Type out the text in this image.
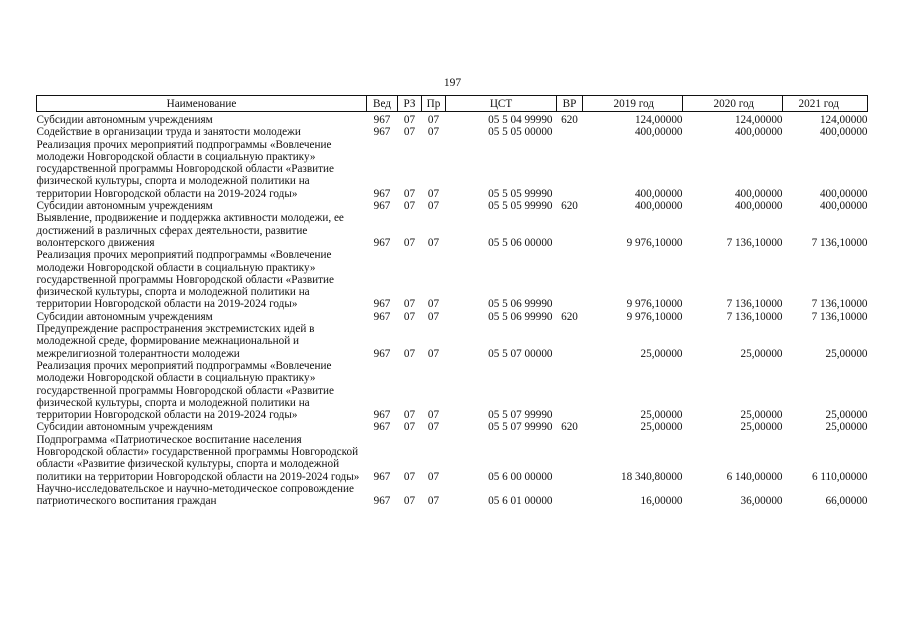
197
Наименование	Вед	РЗ	Пр	ЦСТ	ВР	2019 год	2020 год	2021 год
Субсидии автономным учреждениям	967	07	07	05 5 04 99990	620	124,00000	124,00000	124,00000
Содействие в организации труда и занятости молодежи	967	07	07	05 5 05 00000		400,00000	400,00000	400,00000
Реализация прочих мероприятий подпрограммы «Вовлечение молодежи Новгородской области в социальную практику» государственной программы Новгородской области «Развитие физической культуры, спорта и молодежной политики на территории Новгородской области на 2019-2024 годы»	967	07	07	05 5 05 99990		400,00000	400,00000	400,00000
Субсидии автономным учреждениям	967	07	07	05 5 05 99990	620	400,00000	400,00000	400,00000
Выявление, продвижение и поддержка активности молодежи, ее достижений в различных сферах деятельности, развитие волонтерского движения	967	07	07	05 5 06 00000		9 976,10000	7 136,10000	7 136,10000
Реализация прочих мероприятий подпрограммы «Вовлечение молодежи Новгородской области в социальную практику» государственной программы Новгородской области «Развитие физической культуры, спорта и молодежной политики на территории Новгородской области на 2019-2024 годы»	967	07	07	05 5 06 99990		9 976,10000	7 136,10000	7 136,10000
Субсидии автономным учреждениям	967	07	07	05 5 06 99990	620	9 976,10000	7 136,10000	7 136,10000
Предупреждение распространения экстремистских идей в молодежной среде, формирование межнациональной и межрелигиозной толерантности молодежи	967	07	07	05 5 07 00000		25,00000	25,00000	25,00000
Реализация прочих мероприятий подпрограммы «Вовлечение молодежи Новгородской области в социальную практику» государственной программы Новгородской области «Развитие физической культуры, спорта и молодежной политики на территории Новгородской области на 2019-2024 годы»	967	07	07	05 5 07 99990		25,00000	25,00000	25,00000
Субсидии автономным учреждениям	967	07	07	05 5 07 99990	620	25,00000	25,00000	25,00000
Подпрограмма «Патриотическое воспитание населения Новгородской области» государственной программы Новгородской области «Развитие физической культуры, спорта и молодежной политики на территории Новгородской области на 2019-2024 годы»	967	07	07	05 6 00 00000		18 340,80000	6 140,00000	6 110,00000
Научно-исследовательское и научно-методическое сопровождение патриотического воспитания граждан	967	07	07	05 6 01 00000		16,00000	36,00000	66,00000
